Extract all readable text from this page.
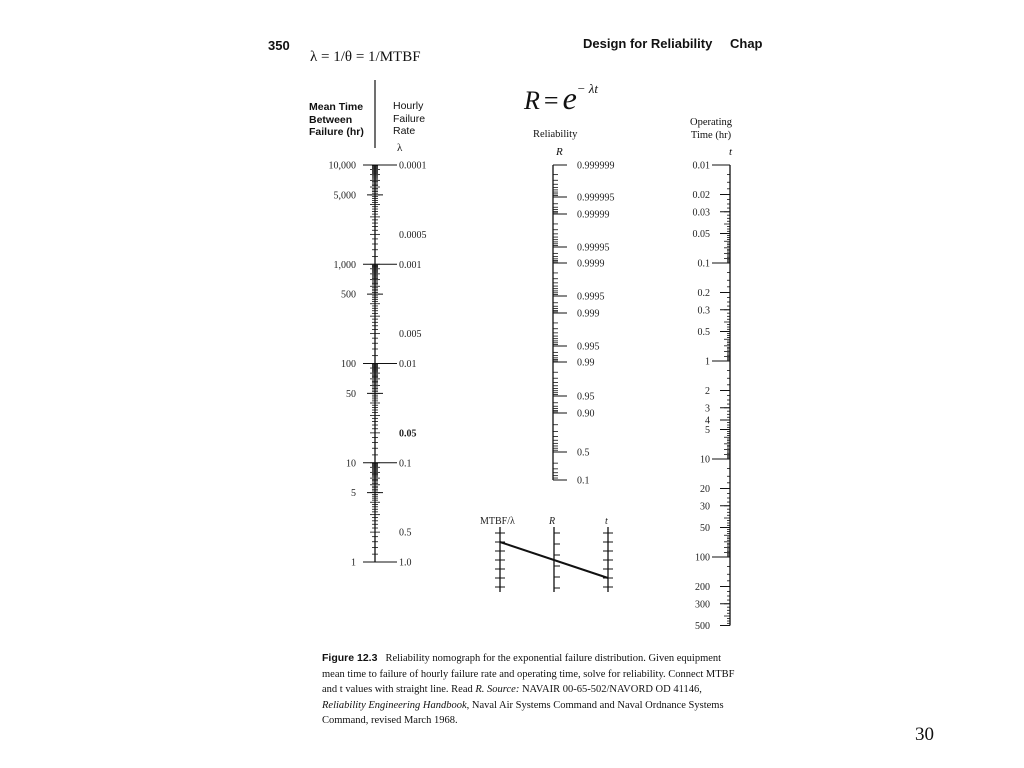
350	Design for Reliability Chap
λ = 1/θ = 1/MTBF
$R = e^{- \lambda t}$
Mean Time
Between
Failure (hr)
Hourly
Failure
Rate
λ
Reliability
R
Operating
Time (hr)
t
10,000
5,000
1,000
500
100
50
10
5
1
0.0001
0.0005
0.001
0.005
0.01
0.05
0.1
0.5
1.0
0.999999
0.999995
0.99999
0.99995
0.9999
0.9995
0.999
0.995
0.99
0.95
0.90
0.5
0.1
0.01
0.02
0.03
0.05
0.1
0.2
0.3
0.5
1
2
3
4
5
10
20
30
50
100
200
300
500
MTBF/λ	R	t
Figure 12.3 Reliability nomograph for the exponential failure distribution. Given equipment mean time to failure of hourly failure rate and operating time, solve for reliability. Connect MTBF and t values with straight line. Read R. Source: NAVAIR 00-65-502/NAVORD OD 41146, Reliability Engineering Handbook, Naval Air Systems Command and Naval Ordnance Systems Command, revised March 1968.
30
